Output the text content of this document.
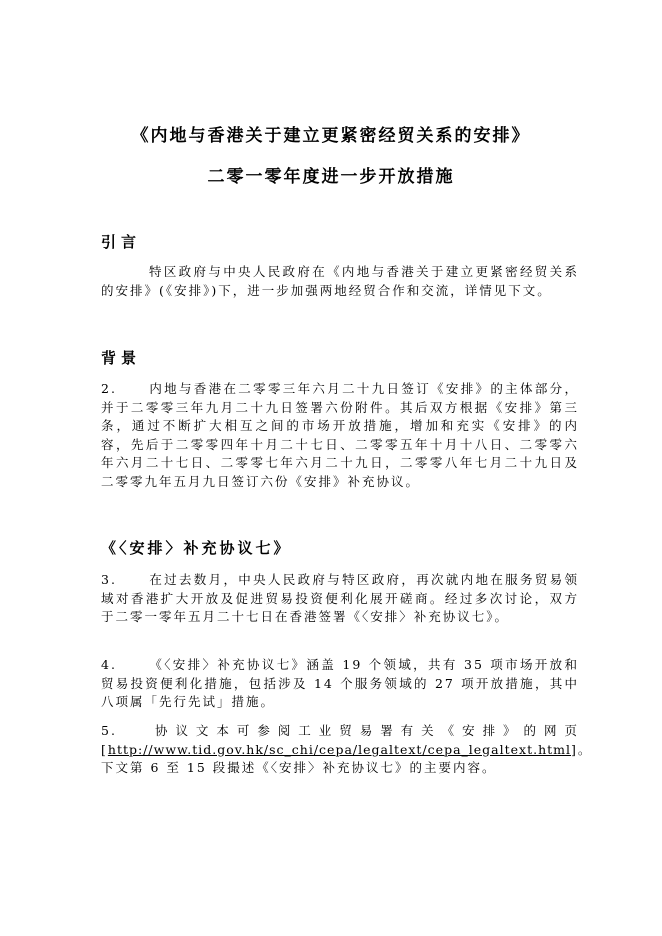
《内地与香港关于建立更紧密经贸关系的安排》
二零一零年度进一步开放措施
引言

特区政府与中央人民政府在《内地与香港关于建立更紧密经贸关系的安排》(《安排》)下，进一步加强两地经贸合作和交流，详情见下文。

背景

2.	内地与香港在二零零三年六月二十九日签订《安排》的主体部分，并于二零零三年九月二十九日签署六份附件。其后双方根据《安排》第三条，通过不断扩大相互之间的市场开放措施，增加和充实《安排》的内容，先后于二零零四年十月二十七日、二零零五年十月十八日、二零零六年六月二十七日、二零零七年六月二十九日，二零零八年七月二十九日及二零零九年五月九日签订六份《安排》补充协议。

《〈安排〉补充协议七》

3.	在过去数月，中央人民政府与特区政府，再次就内地在服务贸易领域对香港扩大开放及促进贸易投资便利化展开磋商。经过多次讨论，双方于二零一零年五月二十七日在香港签署《〈安排〉补充协议七》。

4.	《〈安排〉补充协议七》涵盖 19 个领域，共有 35 项市场开放和贸易投资便利化措施，包括涉及 14 个服务领域的 27 项开放措施，其中八项属「先行先试」措施。

5.	协议文本可参阅工业贸易署有关《安排》的网页[http://www.tid.gov.hk/sc_chi/cepa/legaltext/cepa_legaltext.html]。下文第 6 至 15 段撮述《〈安排〉补充协议七》的主要内容。
